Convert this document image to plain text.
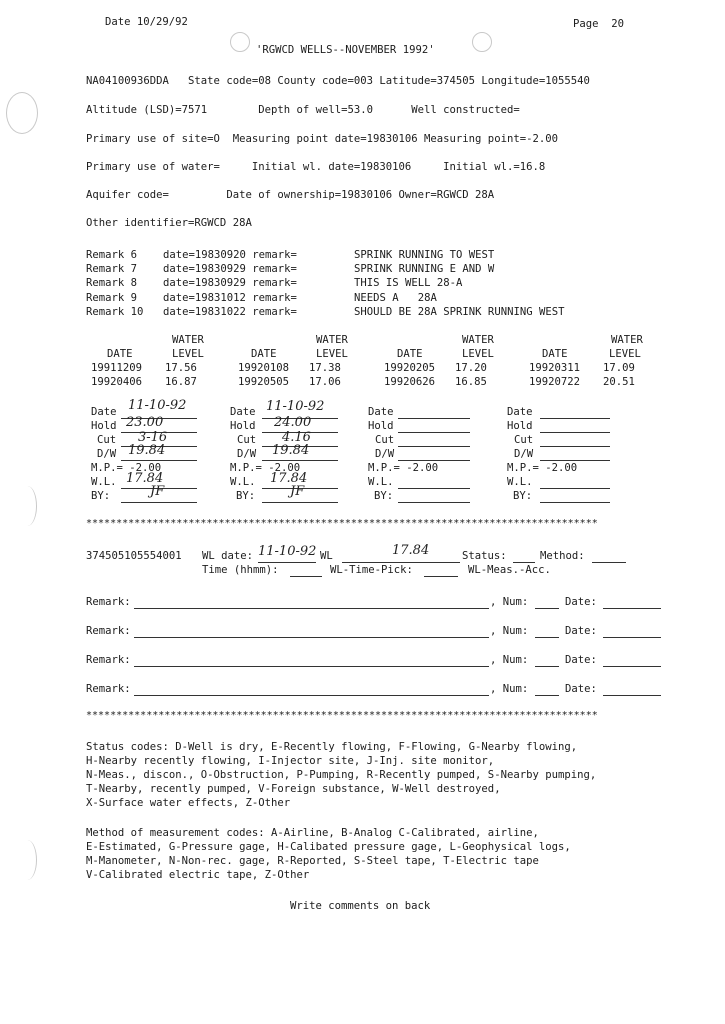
Date 10/29/92	Page  20
'RGWCD WELLS--NOVEMBER 1992'
NA04100936DDA   State code=08 County code=003 Latitude=374505 Longitude=1055540
Altitude (LSD)=7571        Depth of well=53.0      Well constructed=
Primary use of site=O  Measuring point date=19830106 Measuring point=-2.00
Primary use of water=     Initial wl. date=19830106     Initial wl.=16.8
Aquifer code=         Date of ownership=19830106 Owner=RGWCD 28A
Other identifier=RGWCD 28A
Remark 6 date=19830920 remark=	SPRINK RUNNING TO WEST
Remark 7 date=19830929 remark=	SPRINK RUNNING E AND W
Remark 8 date=19830929 remark=	THIS IS WELL 28-A
Remark 9 date=19831012 remark=	NEEDS A   28A
Remark 10 date=19831022 remark=	SHOULD BE 28A SPRINK RUNNING WEST
WATER	WATER	WATER	WATER
DATE	LEVEL	DATE	LEVEL	DATE	LEVEL	DATE	LEVEL
19911209 17.56	19920108 17.38	19920205 17.20	19920311 17.09
19920406 16.87	19920505 17.06	19920626 16.85	19920722 20.51
Date 11-10-92
Hold 23.00
Cut 3-16
D/W 19.84
M.P.= -2.00
W.L. 17.84
BY:	JF
Date 11-10-92
Hold 24.00
Cut 4.16
D/W 19.84
M.P.= -2.00
W.L. 17.84
BY:	JF
Date
Hold
Cut
D/W
M.P.= -2.00
W.L.
BY:
Date
Hold
Cut
D/W
M.P.= -2.00
W.L.
BY:
*************************************************************************************
374505105554001 WL date: 11-10-92 WL	17.84	Status:	Method:
Time (hhmm):	WL-Time-Pick:	WL-Meas.-Acc.
Remark:	, Num:	Date:
Remark:	, Num:	Date:
Remark:	, Num:	Date:
Remark:	, Num:	Date:
*************************************************************************************
Status codes: D-Well is dry, E-Recently flowing, F-Flowing, G-Nearby flowing,
H-Nearby recently flowing, I-Injector site, J-Inj. site monitor,
N-Meas., discon., O-Obstruction, P-Pumping, R-Recently pumped, S-Nearby pumping,
T-Nearby, recently pumped, V-Foreign substance, W-Well destroyed,
X-Surface water effects, Z-Other
Method of measurement codes: A-Airline, B-Analog C-Calibrated, airline,
E-Estimated, G-Pressure gage, H-Calibated pressure gage, L-Geophysical logs,
M-Manometer, N-Non-rec. gage, R-Reported, S-Steel tape, T-Electric tape
V-Calibrated electric tape, Z-Other
Write comments on back
